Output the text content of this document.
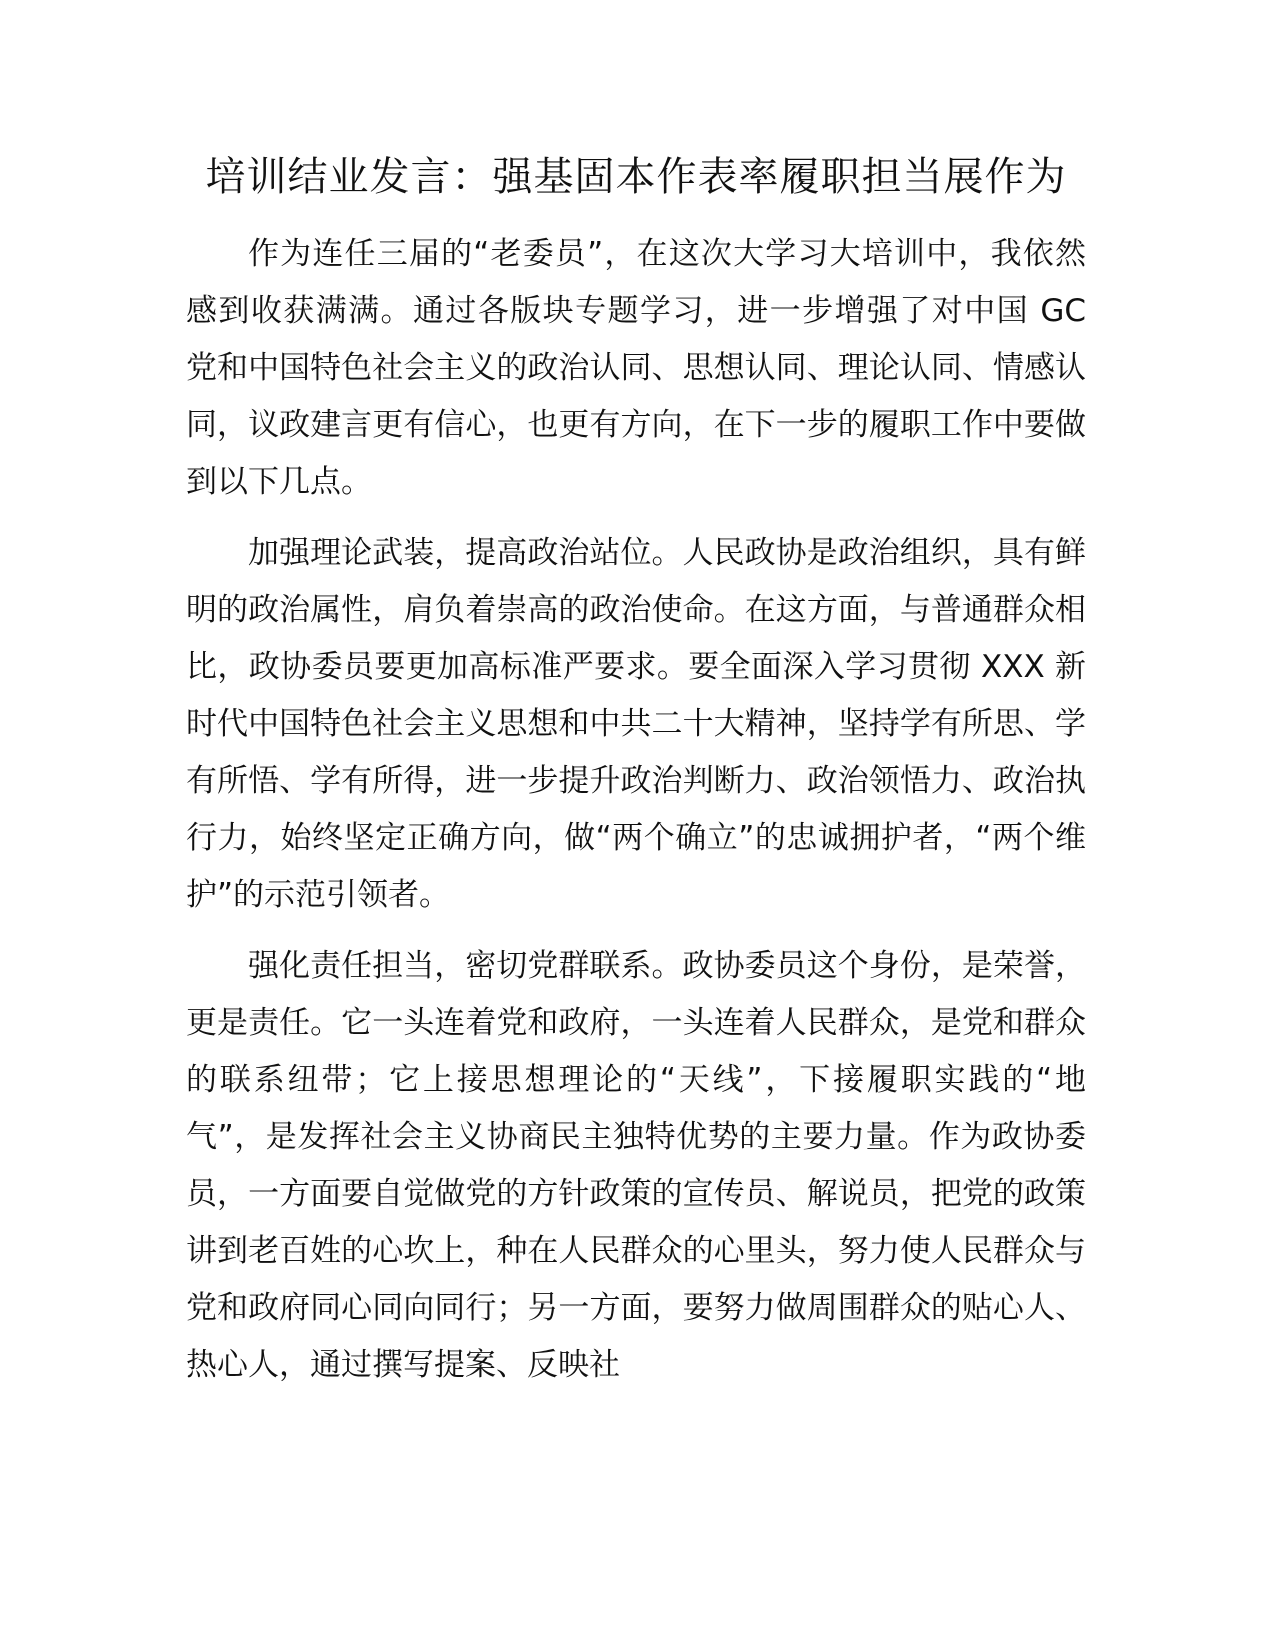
培训结业发言：强基固本作表率履职担当展作为

作为连任三届的“老委员”，在这次大学习大培训中，我依然感到收获满满。通过各版块专题学习，进一步增强了对中国 GC 党和中国特色社会主义的政治认同、思想认同、理论认同、情感认同，议政建言更有信心，也更有方向，在下一步的履职工作中要做到以下几点。

加强理论武装，提高政治站位。人民政协是政治组织，具有鲜明的政治属性，肩负着崇高的政治使命。在这方面，与普通群众相比，政协委员要更加高标准严要求。要全面深入学习贯彻 XXX 新时代中国特色社会主义思想和中共二十大精神，坚持学有所思、学有所悟、学有所得，进一步提升政治判断力、政治领悟力、政治执行力，始终坚定正确方向，做“两个确立”的忠诚拥护者，“两个维护”的示范引领者。

强化责任担当，密切党群联系。政协委员这个身份，是荣誉，更是责任。它一头连着党和政府，一头连着人民群众，是党和群众的联系纽带；它上接思想理论的“天线”，下接履职实践的“地气”，是发挥社会主义协商民主独特优势的主要力量。作为政协委员，一方面要自觉做党的方针政策的宣传员、解说员，把党的政策讲到老百姓的心坎上，种在人民群众的心里头，努力使人民群众与党和政府同心同向同行；另一方面，要努力做周围群众的贴心人、热心人，通过撰写提案、反映社
